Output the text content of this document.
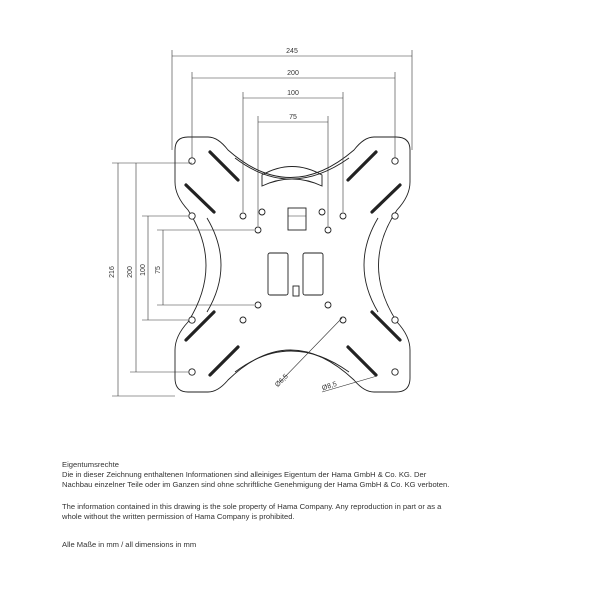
245
200
100
75
216 200 100 75
Ø6,5	Ø8,5

Eigentumsrechte

Die in dieser Zeichnung enthaltenen Informationen sind alleiniges Eigentum der Hama GmbH & Co. KG. Der

Nachbau einzelner Teile oder im Ganzen sind ohne schriftliche Genehmigung der Hama GmbH & Co. KG verboten.

The information contained in this drawing is the sole property of Hama Company. Any reproduction in part or as a

whole without the written permission of Hama Company is prohibited.

Alle Maße in mm / all dimensions in mm
